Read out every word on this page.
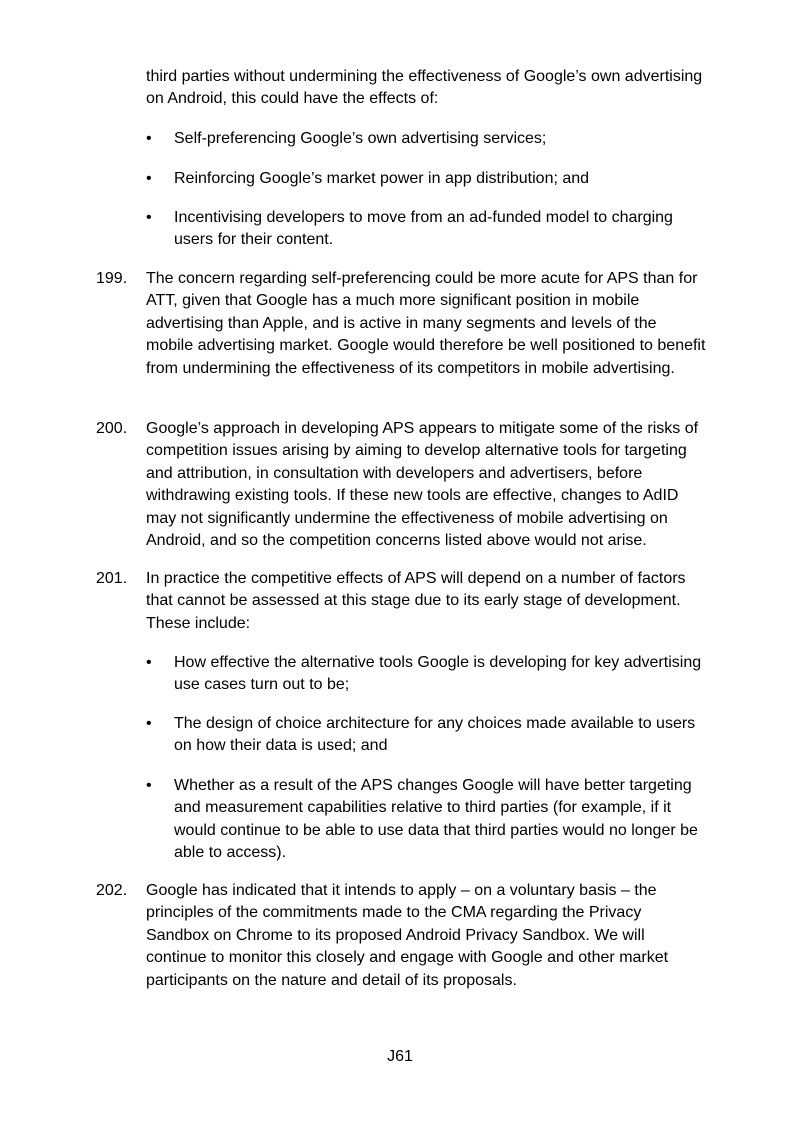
third parties without undermining the effectiveness of Google’s own advertising on Android, this could have the effects of:

•	Self-preferencing Google’s own advertising services;
•	Reinforcing Google’s market power in app distribution; and
•	Incentivising developers to move from an ad-funded model to charging users for their content.
199. The concern regarding self-preferencing could be more acute for APS than for ATT, given that Google has a much more significant position in mobile advertising than Apple, and is active in many segments and levels of the mobile advertising market. Google would therefore be well positioned to benefit from undermining the effectiveness of its competitors in mobile advertising.
200. Google’s approach in developing APS appears to mitigate some of the risks of competition issues arising by aiming to develop alternative tools for targeting and attribution, in consultation with developers and advertisers, before withdrawing existing tools. If these new tools are effective, changes to AdID may not significantly undermine the effectiveness of mobile advertising on Android, and so the competition concerns listed above would not arise.
201. In practice the competitive effects of APS will depend on a number of factors that cannot be assessed at this stage due to its early stage of development. These include:
•	How effective the alternative tools Google is developing for key advertising use cases turn out to be;
•	The design of choice architecture for any choices made available to users on how their data is used; and
•	Whether as a result of the APS changes Google will have better targeting and measurement capabilities relative to third parties (for example, if it would continue to be able to use data that third parties would no longer be able to access).
202. Google has indicated that it intends to apply – on a voluntary basis – the principles of the commitments made to the CMA regarding the Privacy Sandbox on Chrome to its proposed Android Privacy Sandbox. We will continue to monitor this closely and engage with Google and other market participants on the nature and detail of its proposals.
J61
